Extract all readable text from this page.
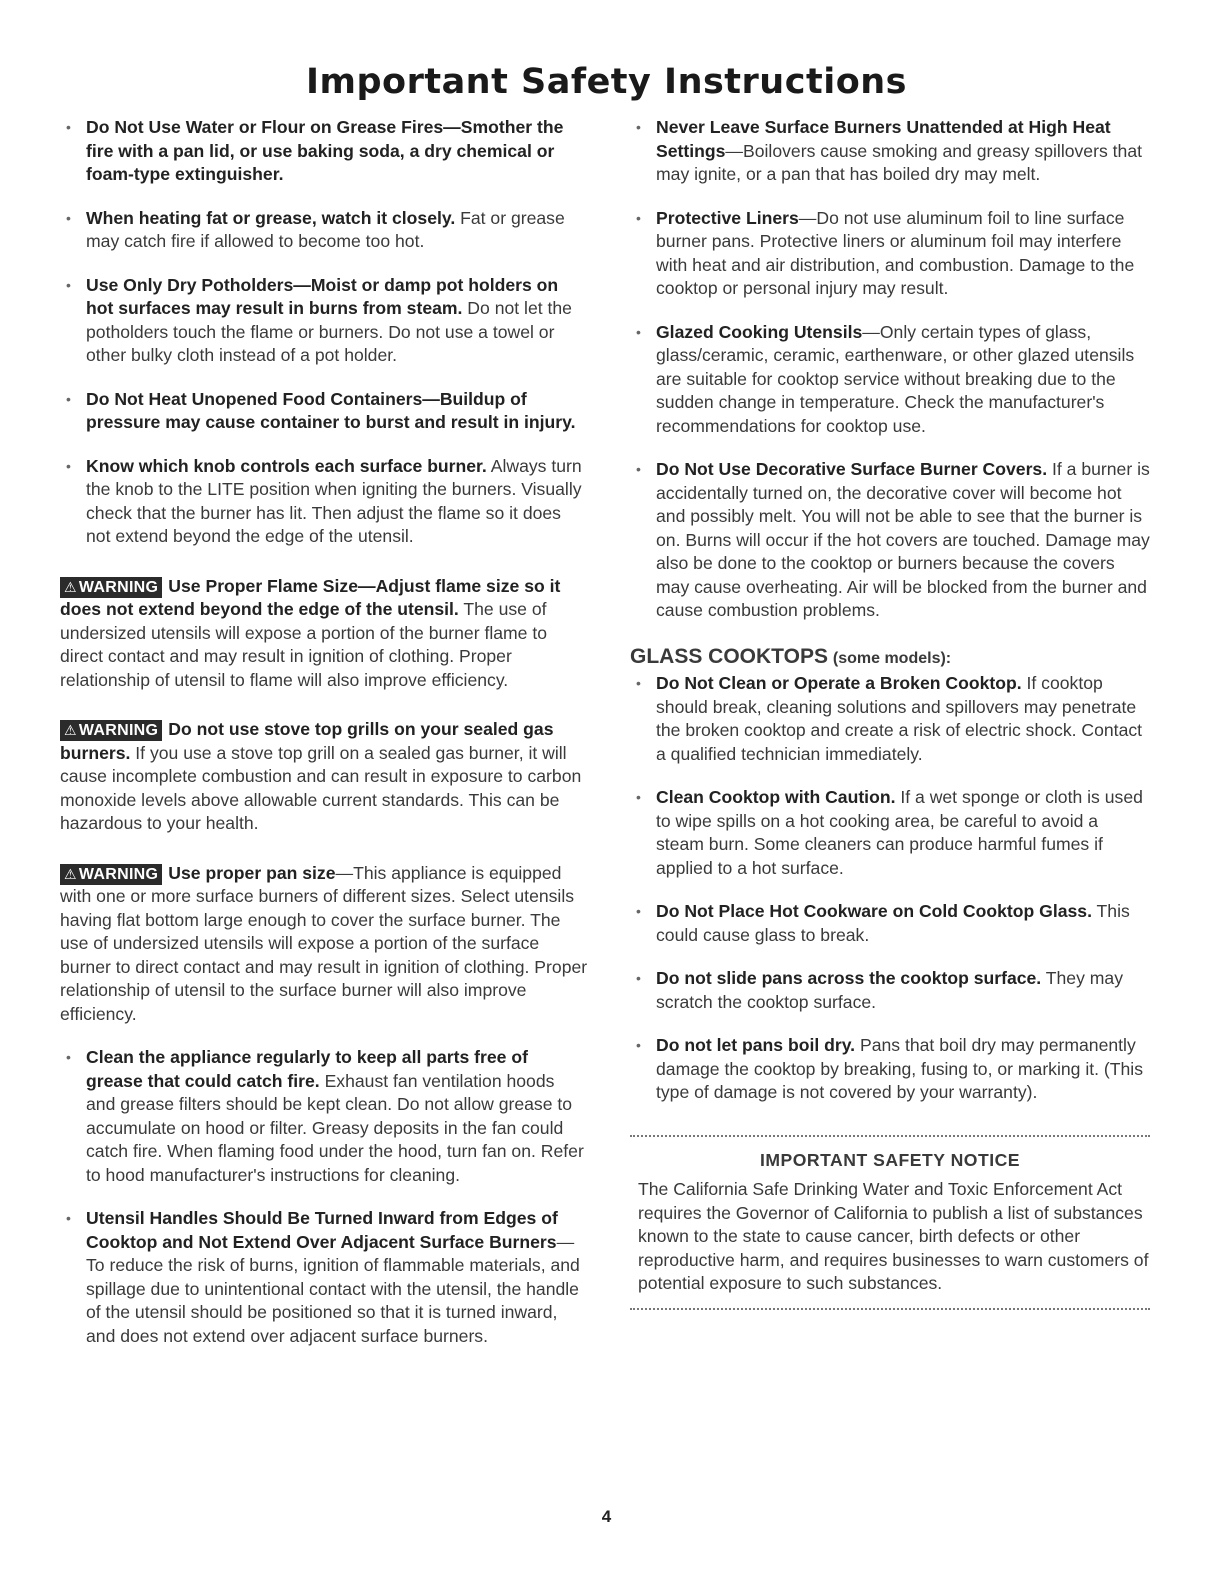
Important Safety Instructions

• Do Not Use Water or Flour on Grease Fires—Smother the fire with a pan lid, or use baking soda, a dry chemical or foam-type extinguisher.

• When heating fat or grease, watch it closely. Fat or grease may catch fire if allowed to become too hot.

• Use Only Dry Potholders—Moist or damp pot holders on hot surfaces may result in burns from steam. Do not let the potholders touch the flame or burners. Do not use a towel or other bulky cloth instead of a pot holder.

• Do Not Heat Unopened Food Containers—Buildup of pressure may cause container to burst and result in injury.

• Know which knob controls each surface burner. Always turn the knob to the LITE position when igniting the burners. Visually check that the burner has lit. Then adjust the flame so it does not extend beyond the edge of the utensil.

⚠ WARNING Use Proper Flame Size—Adjust flame size so it does not extend beyond the edge of the utensil. The use of undersized utensils will expose a portion of the burner flame to direct contact and may result in ignition of clothing. Proper relationship of utensil to flame will also improve efficiency.

⚠ WARNING Do not use stove top grills on your sealed gas burners. If you use a stove top grill on a sealed gas burner, it will cause incomplete combustion and can result in exposure to carbon monoxide levels above allowable current standards. This can be hazardous to your health.

⚠ WARNING Use proper pan size—This appliance is equipped with one or more surface burners of different sizes. Select utensils having flat bottom large enough to cover the surface burner. The use of undersized utensils will expose a portion of the surface burner to direct contact and may result in ignition of clothing. Proper relationship of utensil to the surface burner will also improve efficiency.

• Clean the appliance regularly to keep all parts free of grease that could catch fire. Exhaust fan ventilation hoods and grease filters should be kept clean. Do not allow grease to accumulate on hood or filter. Greasy deposits in the fan could catch fire. When flaming food under the hood, turn fan on. Refer to hood manufacturer's instructions for cleaning.

• Utensil Handles Should Be Turned Inward from Edges of Cooktop and Not Extend Over Adjacent Surface Burners—To reduce the risk of burns, ignition of flammable materials, and spillage due to unintentional contact with the utensil, the handle of the utensil should be positioned so that it is turned inward, and does not extend over adjacent surface burners.

• Never Leave Surface Burners Unattended at High Heat Settings—Boilovers cause smoking and greasy spillovers that may ignite, or a pan that has boiled dry may melt.

• Protective Liners—Do not use aluminum foil to line surface burner pans. Protective liners or aluminum foil may interfere with heat and air distribution, and combustion. Damage to the cooktop or personal injury may result.

• Glazed Cooking Utensils—Only certain types of glass, glass/ceramic, ceramic, earthenware, or other glazed utensils are suitable for cooktop service without breaking due to the sudden change in temperature. Check the manufacturer's recommendations for cooktop use.

• Do Not Use Decorative Surface Burner Covers. If a burner is accidentally turned on, the decorative cover will become hot and possibly melt. You will not be able to see that the burner is on. Burns will occur if the hot covers are touched. Damage may also be done to the cooktop or burners because the covers may cause overheating. Air will be blocked from the burner and cause combustion problems.

GLASS COOKTOPS (some models):

• Do Not Clean or Operate a Broken Cooktop. If cooktop should break, cleaning solutions and spillovers may penetrate the broken cooktop and create a risk of electric shock. Contact a qualified technician immediately.

• Clean Cooktop with Caution. If a wet sponge or cloth is used to wipe spills on a hot cooking area, be careful to avoid a steam burn. Some cleaners can produce harmful fumes if applied to a hot surface.

• Do Not Place Hot Cookware on Cold Cooktop Glass. This could cause glass to break.

• Do not slide pans across the cooktop surface. They may scratch the cooktop surface.

• Do not let pans boil dry. Pans that boil dry may permanently damage the cooktop by breaking, fusing to, or marking it. (This type of damage is not covered by your warranty).

IMPORTANT SAFETY NOTICE

The California Safe Drinking Water and Toxic Enforcement Act requires the Governor of California to publish a list of substances known to the state to cause cancer, birth defects or other reproductive harm, and requires businesses to warn customers of potential exposure to such substances.

4
